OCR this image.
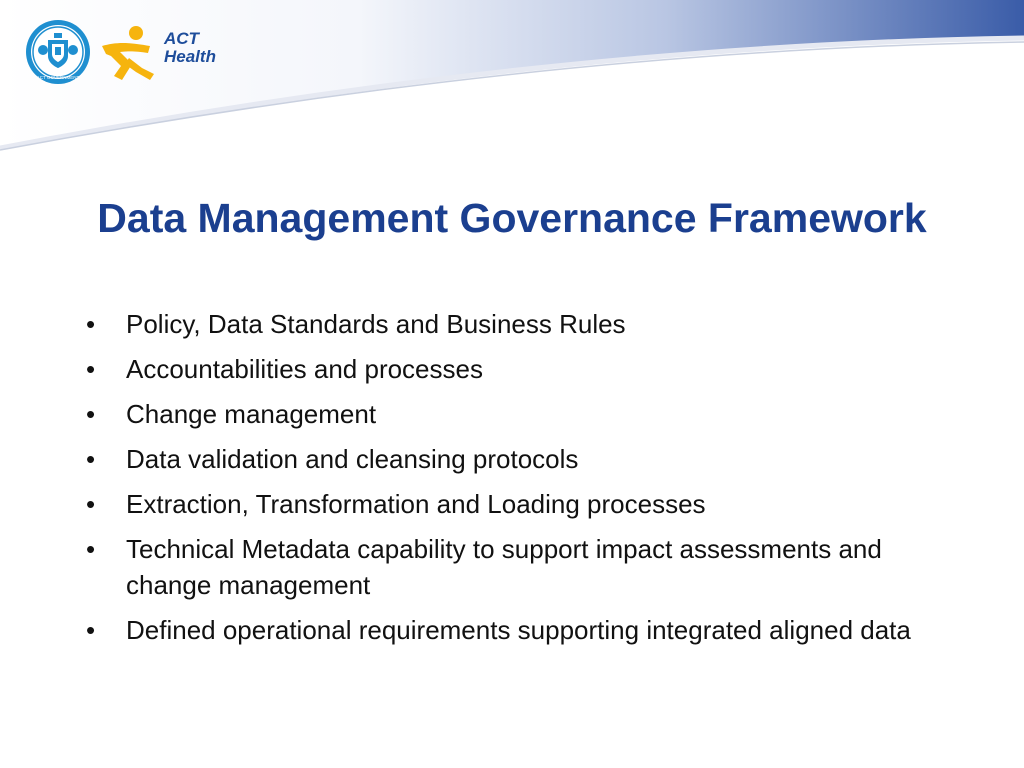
ACT GOVERNMENT
ACT
Health
Data Management Governance Framework
•	Policy, Data Standards and Business Rules
•	Accountabilities and processes
•	Change management
•	Data validation and cleansing protocols
•	Extraction, Transformation and Loading processes
•	Technical Metadata capability to support impact assessments and change management
•	Defined operational requirements supporting integrated aligned data
